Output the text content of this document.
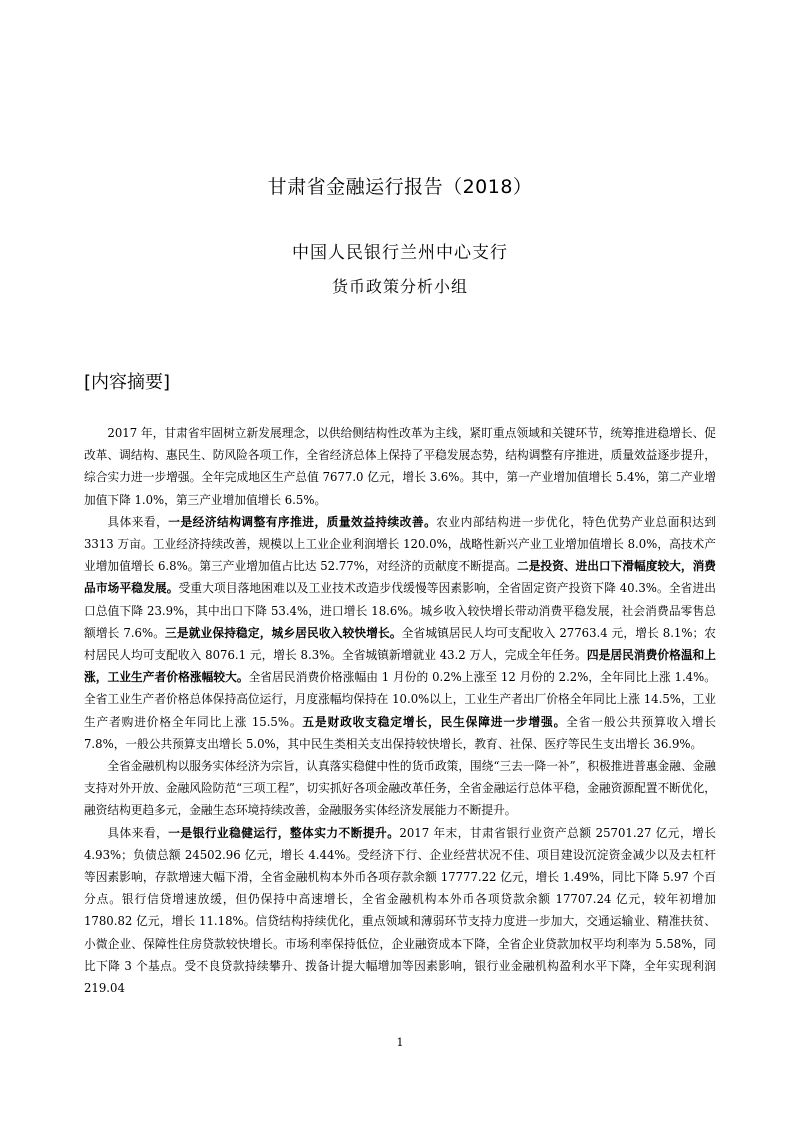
甘肃省金融运行报告（2018）
中国人民银行兰州中心支行
货币政策分析小组
[内容摘要]

2017 年，甘肃省牢固树立新发展理念，以供给侧结构性改革为主线，紧盯重点领域和关键环节，统筹推进稳增长、促改革、调结构、惠民生、防风险各项工作，全省经济总体上保持了平稳发展态势，结构调整有序推进，质量效益逐步提升，综合实力进一步增强。全年完成地区生产总值 7677.0 亿元，增长 3.6%。其中，第一产业增加值增长 5.4%，第二产业增加值下降 1.0%，第三产业增加值增长 6.5%。

具体来看，一是经济结构调整有序推进，质量效益持续改善。农业内部结构进一步优化，特色优势产业总面积达到 3313 万亩。工业经济持续改善，规模以上工业企业利润增长 120.0%，战略性新兴产业工业增加值增长 8.0%，高技术产业增加值增长 6.8%。第三产业增加值占比达 52.77%，对经济的贡献度不断提高。二是投资、进出口下滑幅度较大，消费品市场平稳发展。受重大项目落地困难以及工业技术改造步伐缓慢等因素影响，全省固定资产投资下降 40.3%。全省进出口总值下降 23.9%，其中出口下降 53.4%，进口增长 18.6%。城乡收入较快增长带动消费平稳发展，社会消费品零售总额增长 7.6%。三是就业保持稳定，城乡居民收入较快增长。全省城镇居民人均可支配收入 27763.4 元，增长 8.1%；农村居民人均可支配收入 8076.1 元，增长 8.3%。全省城镇新增就业 43.2 万人，完成全年任务。四是居民消费价格温和上涨，工业生产者价格涨幅较大。全省居民消费价格涨幅由 1 月份的 0.2%上涨至 12 月份的 2.2%，全年同比上涨 1.4%。全省工业生产者价格总体保持高位运行，月度涨幅均保持在 10.0%以上，工业生产者出厂价格全年同比上涨 14.5%，工业生产者购进价格全年同比上涨 15.5%。五是财政收支稳定增长，民生保障进一步增强。全省一般公共预算收入增长 7.8%，一般公共预算支出增长 5.0%，其中民生类相关支出保持较快增长，教育、社保、医疗等民生支出增长 36.9%。

全省金融机构以服务实体经济为宗旨，认真落实稳健中性的货币政策，围绕“三去一降一补”，积极推进普惠金融、金融支持对外开放、金融风险防范“三项工程”，切实抓好各项金融改革任务，全省金融运行总体平稳，金融资源配置不断优化，融资结构更趋多元，金融生态环境持续改善，金融服务实体经济发展能力不断提升。

具体来看，一是银行业稳健运行，整体实力不断提升。2017 年末，甘肃省银行业资产总额 25701.27 亿元，增长 4.93%；负债总额 24502.96 亿元，增长 4.44%。受经济下行、企业经营状况不佳、项目建设沉淀资金减少以及去杠杆等因素影响，存款增速大幅下滑，全省金融机构本外币各项存款余额 17777.22 亿元，增长 1.49%，同比下降 5.97 个百分点。银行信贷增速放缓，但仍保持中高速增长，全省金融机构本外币各项贷款余额 17707.24 亿元，较年初增加 1780.82 亿元，增长 11.18%。信贷结构持续优化，重点领域和薄弱环节支持力度进一步加大，交通运输业、精准扶贫、小微企业、保障性住房贷款较快增长。市场利率保持低位，企业融资成本下降，全省企业贷款加权平均利率为 5.58%，同比下降 3 个基点。受不良贷款持续攀升、拨备计提大幅增加等因素影响，银行业金融机构盈利水平下降，全年实现利润 219.04

1
